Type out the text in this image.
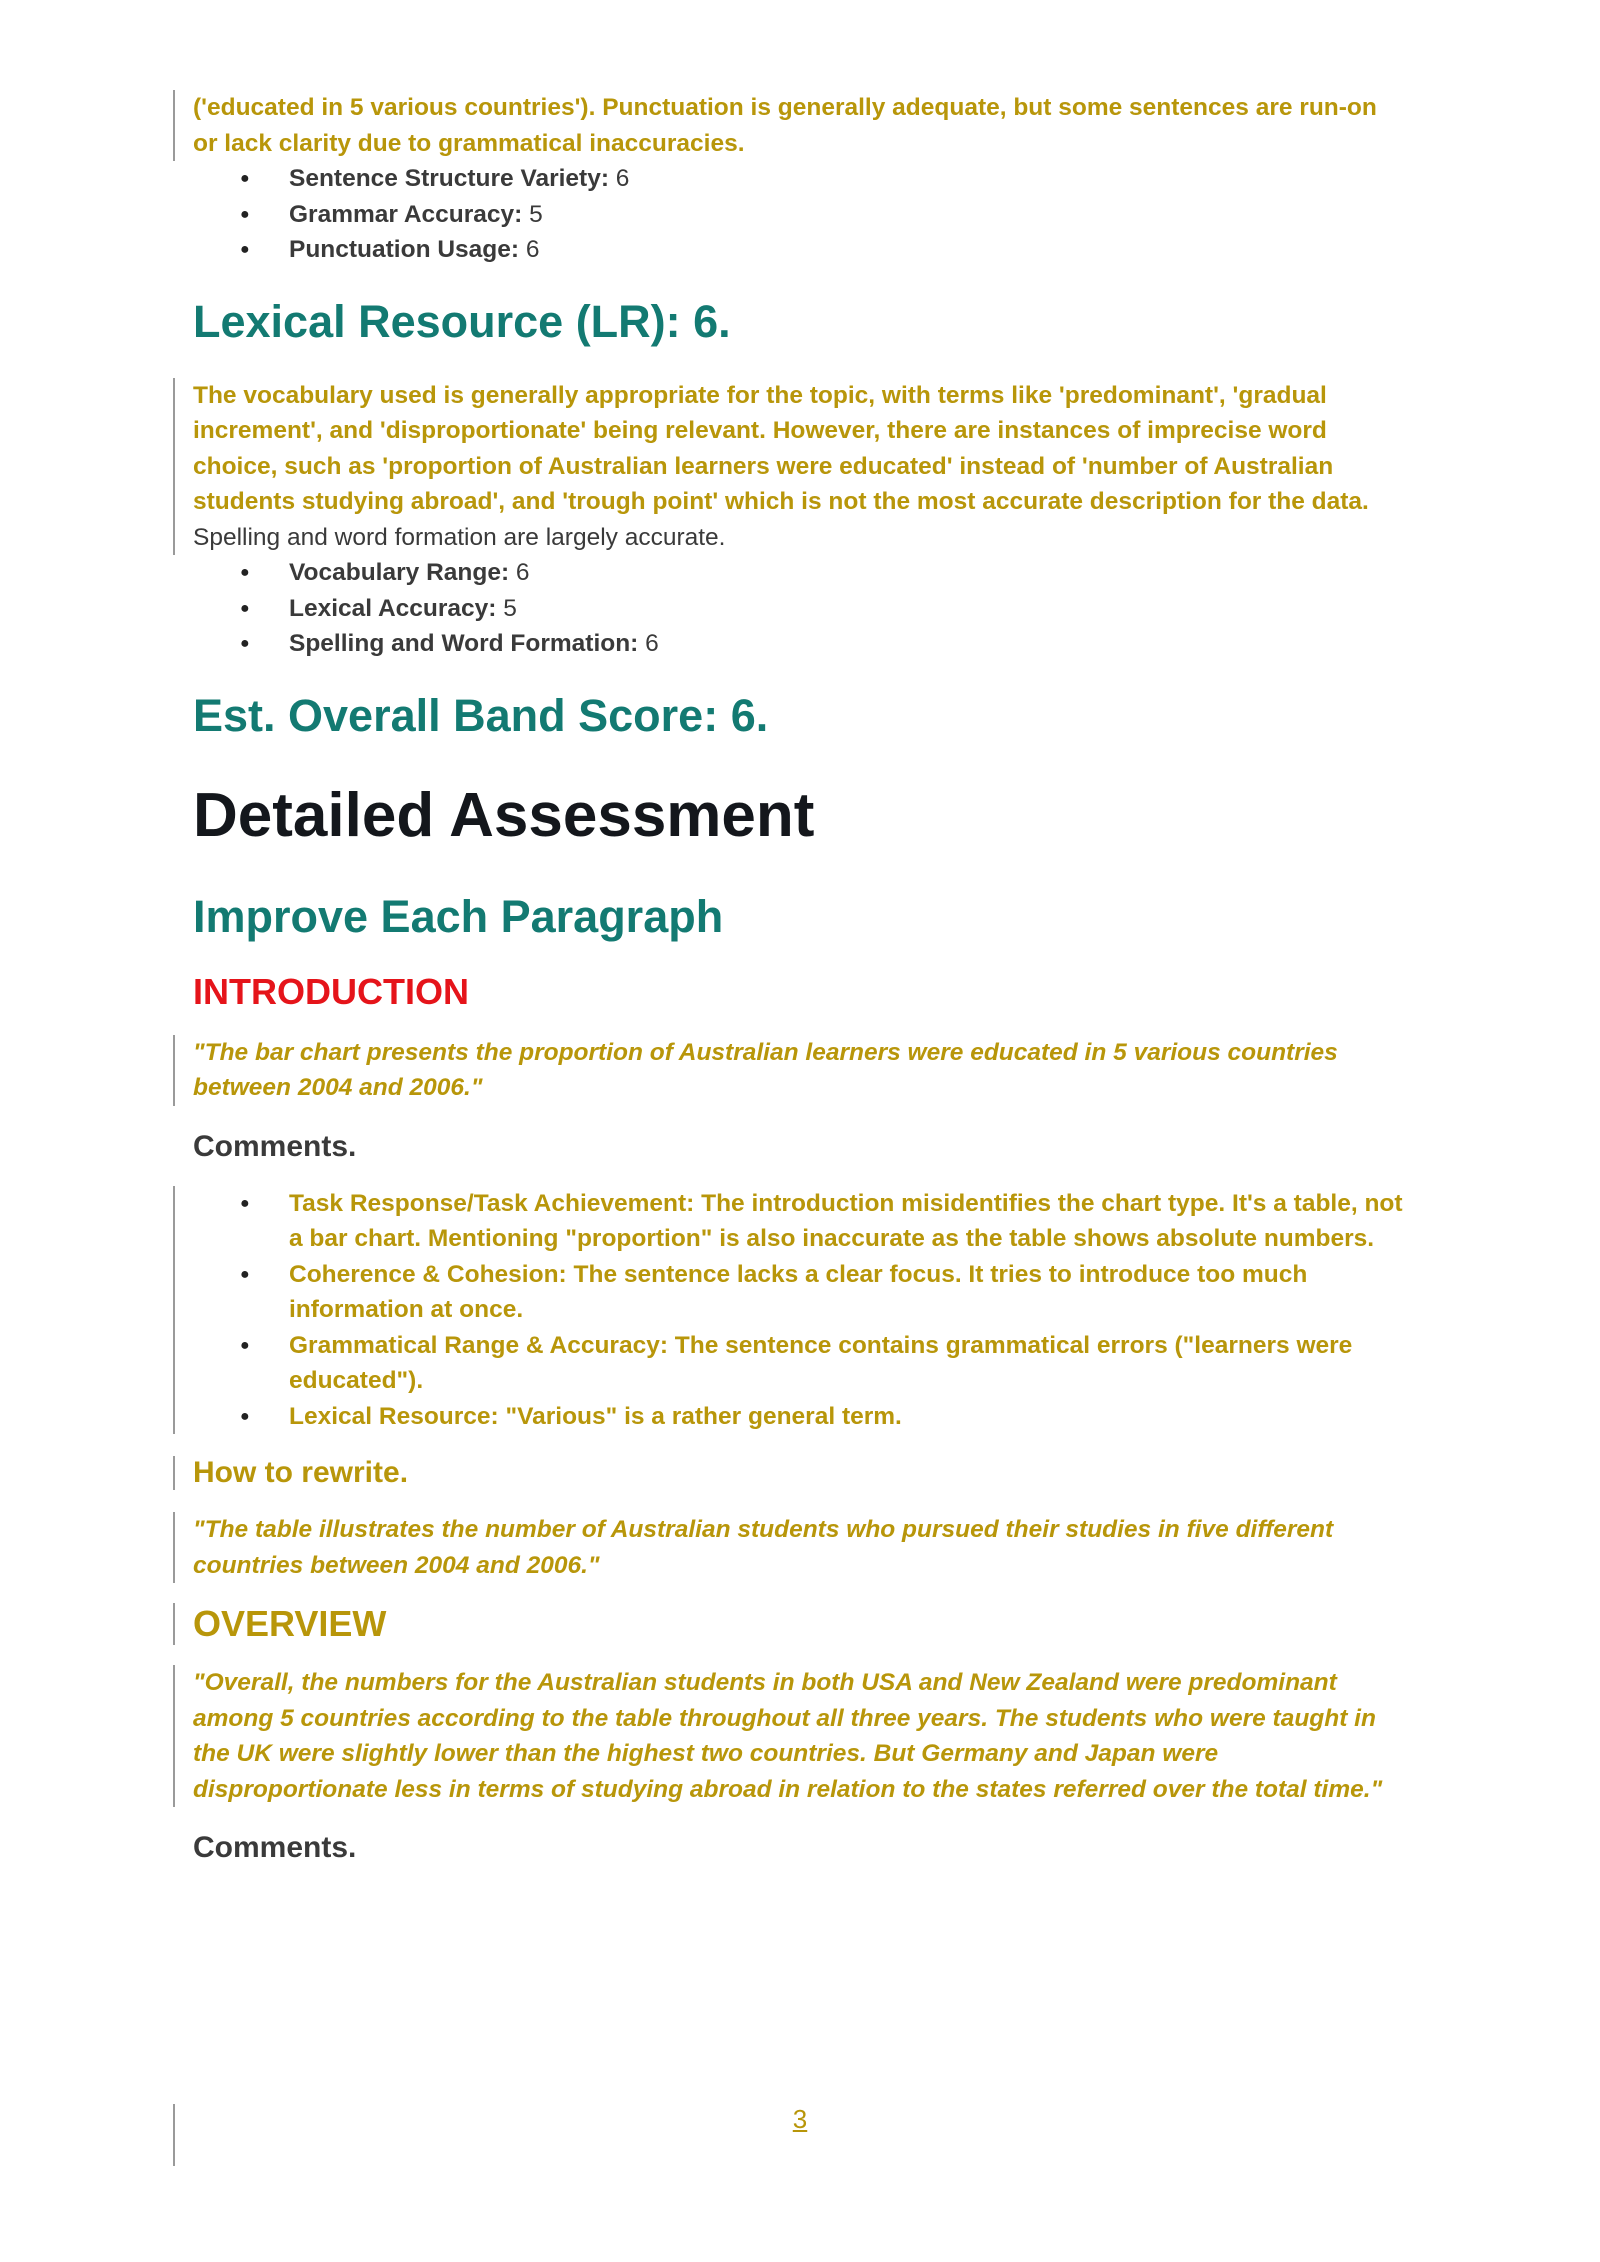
('educated in 5 various countries'). Punctuation is generally adequate, but some sentences are run-on or lack clarity due to grammatical inaccuracies.

● Sentence Structure Variety: 6
● Grammar Accuracy: 5
● Punctuation Usage: 6
Lexical Resource (LR): 6.

The vocabulary used is generally appropriate for the topic, with terms like 'predominant', 'gradual increment', and 'disproportionate' being relevant. However, there are instances of imprecise word choice, such as 'proportion of Australian learners were educated' instead of 'number of Australian students studying abroad', and 'trough point' which is not the most accurate description for the data. Spelling and word formation are largely accurate.

● Vocabulary Range: 6
● Lexical Accuracy: 5
● Spelling and Word Formation: 6
Est. Overall Band Score: 6.
Detailed Assessment
Improve Each Paragraph
INTRODUCTION

"The bar chart presents the proportion of Australian learners were educated in 5 various countries between 2004 and 2006."

Comments.

● Task Response/Task Achievement: The introduction misidentifies the chart type. It's a table, not a bar chart. Mentioning "proportion" is also inaccurate as the table shows absolute numbers.
● Coherence & Cohesion: The sentence lacks a clear focus. It tries to introduce too much information at once.
● Grammatical Range & Accuracy: The sentence contains grammatical errors ("learners were educated").
● Lexical Resource: "Various" is a rather general term.

How to rewrite.

"The table illustrates the number of Australian students who pursued their studies in five different countries between 2004 and 2006."

OVERVIEW

"Overall, the numbers for the Australian students in both USA and New Zealand were predominant among 5 countries according to the table throughout all three years. The students who were taught in the UK were slightly lower than the highest two countries. But Germany and Japan were disproportionate less in terms of studying abroad in relation to the states referred over the total time."

Comments.

3
